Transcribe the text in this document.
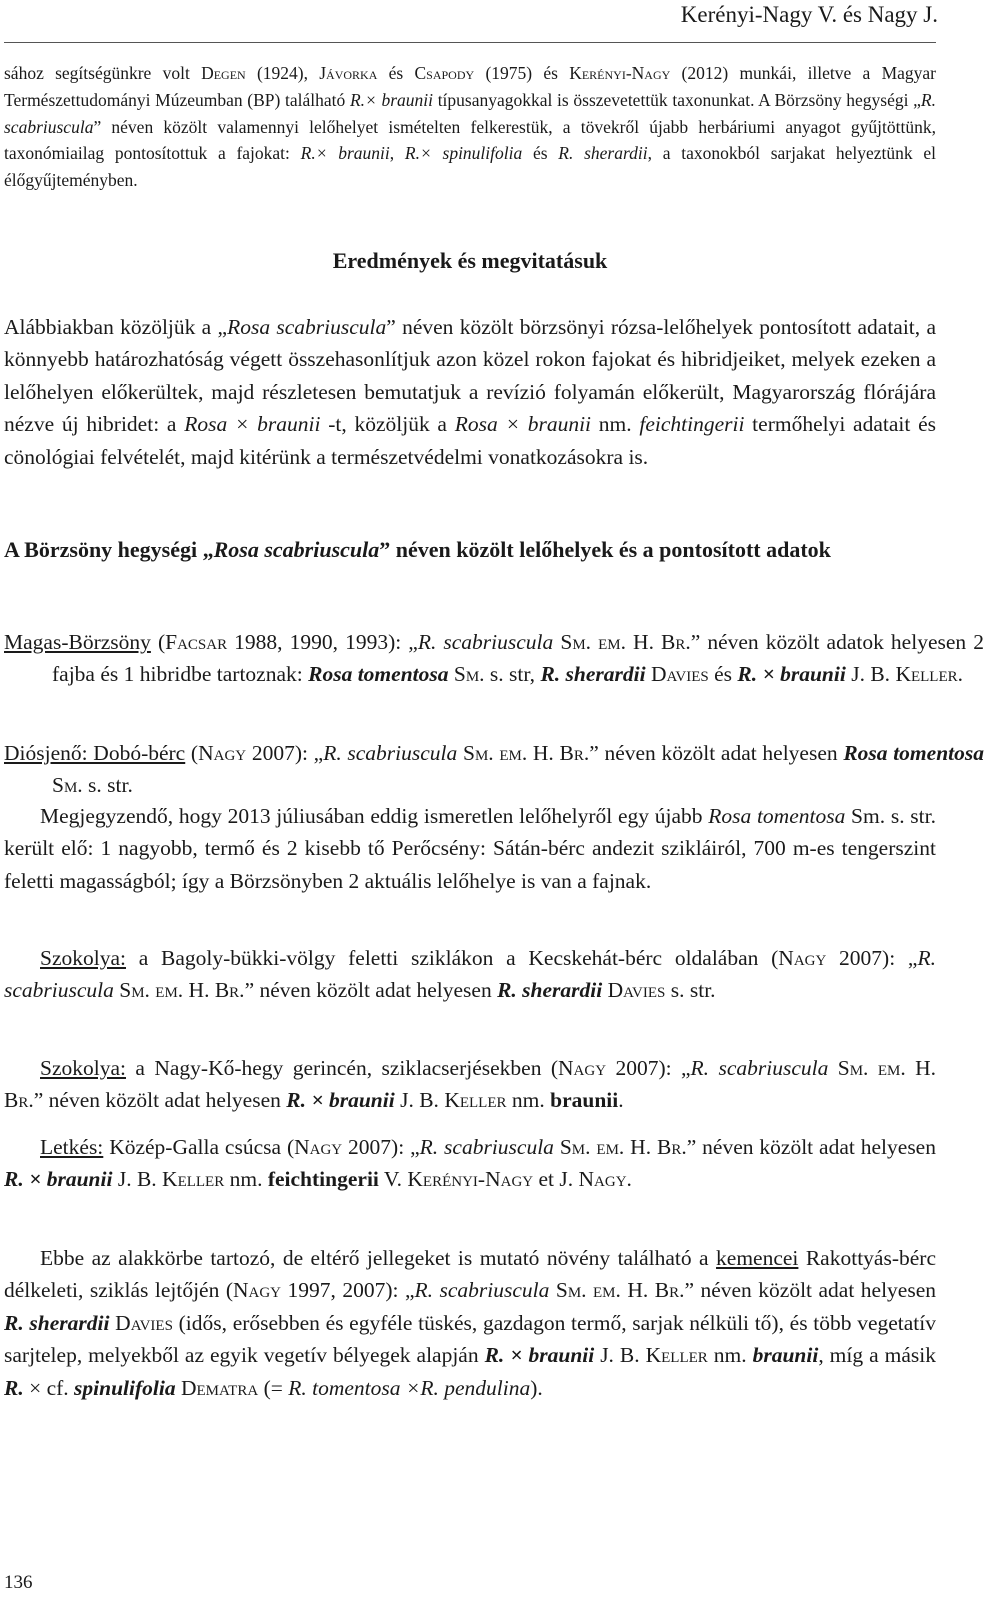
Kerényi-Nagy V. és Nagy J.

sához segítségünkre volt Degen (1924), Jávorka és Csapody (1975) és Kerényi-Nagy (2012) munkái, illetve a Magyar Természettudományi Múzeumban (BP) található R.× braunii típusanyagokkal is összevetettük taxonunkat. A Börzsöny hegységi „R. scabriuscula” néven közölt valamennyi lelőhelyet ismételten felkerestük, a tövekről újabb herbáriumi anyagot gyűjtöttünk, taxonómiailag pontosítottuk a fajokat: R.× braunii, R.× spinulifolia és R. sherardii, a taxonokból sarjakat helyeztünk el élőgyűjteményben.

Eredmények és megvitatásuk

Alábbiakban közöljük a „Rosa scabriuscula” néven közölt börzsönyi rózsa-lelőhelyek pontosított adatait, a könnyebb határozhatóság végett összehasonlítjuk azon közel rokon fajokat és hibridjeiket, melyek ezeken a lelőhelyen előkerültek, majd részletesen bemutatjuk a revízió folyamán előkerült, Magyarország flórájára nézve új hibridet: a Rosa × braunii -t, közöljük a Rosa × braunii nm. feichtingerii termőhelyi adatait és cönológiai felvételét, majd kitérünk a természetvédelmi vonatkozásokra is.

A Börzsöny hegységi „Rosa scabriuscula” néven közölt lelőhelyek és a pontosított adatok

Magas-Börzsöny (Facsar 1988, 1990, 1993): „R. scabriuscula Sm. em. H. Br.” néven közölt adatok helyesen 2 fajba és 1 hibridbe tartoznak: Rosa tomentosa Sm. s. str, R. sherardii Davies és R. × braunii J. B. Keller.

Diósjenő: Dobó-bérc (Nagy 2007): „R. scabriuscula Sm. em. H. Br.” néven közölt adat helyesen Rosa tomentosa Sm. s. str.

Megjegyzendő, hogy 2013 júliusában eddig ismeretlen lelőhelyről egy újabb Rosa tomentosa Sm. s. str. került elő: 1 nagyobb, termő és 2 kisebb tő Perőcsény: Sátán-bérc andezit szikláiról, 700 m-es tengerszint feletti magasságból; így a Börzsönyben 2 aktuális lelőhelye is van a fajnak.

Szokolya: a Bagoly-bükki-völgy feletti sziklákon a Kecskehát-bérc oldalában (Nagy 2007): „R. scabriuscula Sm. em. H. Br.” néven közölt adat helyesen R. sherardii Davies s. str.

Szokolya: a Nagy-Kő-hegy gerincén, sziklacserjésekben (Nagy 2007): „R. scabriuscula Sm. em. H. Br.” néven közölt adat helyesen R. × braunii J. B. Keller nm. braunii.

Letkés: Közép-Galla csúcsa (Nagy 2007): „R. scabriuscula Sm. em. H. Br.” néven közölt adat helyesen R. × braunii J. B. Keller nm. feichtingerii V. Kerényi-Nagy et J. Nagy.

Ebbe az alakkörbe tartozó, de eltérő jellegeket is mutató növény található a kemencei Rakottyás-bérc délkeleti, sziklás lejtőjén (Nagy 1997, 2007): „R. scabriuscula Sm. em. H. Br.” néven közölt adat helyesen R. sherardii Davies (idős, erősebben és egyféle tüskés, gazdagon termő, sarjak nélküli tő), és több vegetatív sarjtelep, melyekből az egyik vegetív bélyegek alapján R. × braunii J. B. Keller nm. braunii, míg a másik R. × cf. spinulifolia Dematra (= R. tomentosa ×R. pendulina).

136
